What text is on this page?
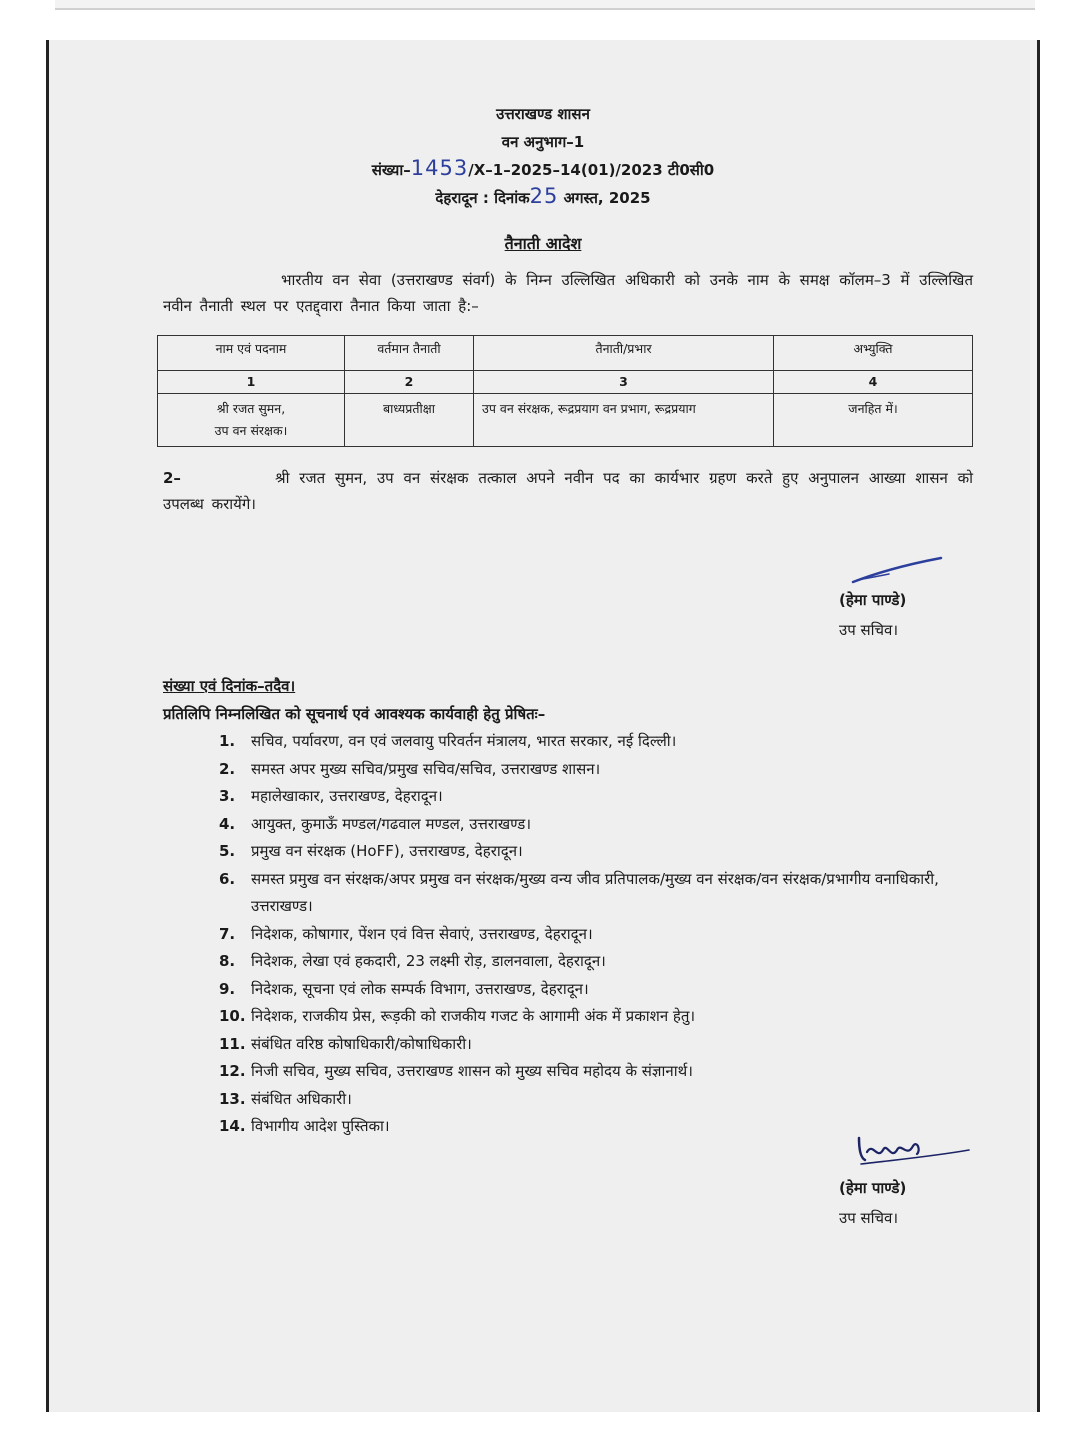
उत्तराखण्ड शासन
वन अनुभाग–1
संख्या–1453/X–1–2025–14(01)/2023 टी0सी0
देहरादून : दिनांक25 अगस्त, 2025
तैनाती आदेश
भारतीय वन सेवा (उत्तराखण्ड संवर्ग) के निम्न उल्लिखित अधिकारी को उनके नाम के समक्ष कॉलम–3 में उल्लिखित नवीन तैनाती स्थल पर एतद्द्वारा तैनात किया जाता है:–
नाम एवं पदनाम	वर्तमान तैनाती	तैनाती/प्रभार	अभ्युक्ति
1	2	3	4

श्री रजत सुमन,
उप वन संरक्षक।	बाध्यप्रतीक्षा	उप वन संरक्षक, रूद्रप्रयाग वन प्रभाग, रूद्रप्रयाग	जनहित में।
2–	श्री रजत सुमन, उप वन संरक्षक तत्काल अपने नवीन पद का कार्यभार ग्रहण करते हुए अनुपालन आख्या शासन को उपलब्ध करायेंगे।
(हेमा पाण्डे)
उप सचिव।
संख्या एवं दिनांक–तदैव।
प्रतिलिपि निम्नलिखित को सूचनार्थ एवं आवश्यक कार्यवाही हेतु प्रेषितः–
1.	सचिव, पर्यावरण, वन एवं जलवायु परिवर्तन मंत्रालय, भारत सरकार, नई दिल्ली।
2.	समस्त अपर मुख्य सचिव/प्रमुख सचिव/सचिव, उत्तराखण्ड शासन।
3.	महालेखाकार, उत्तराखण्ड, देहरादून।
4.	आयुक्त, कुमाऊँ मण्डल/गढवाल मण्डल, उत्तराखण्ड।
5.	प्रमुख वन संरक्षक (HoFF), उत्तराखण्ड, देहरादून।
6.	समस्त प्रमुख वन संरक्षक/अपर प्रमुख वन संरक्षक/मुख्य वन्य जीव प्रतिपालक/मुख्य वन संरक्षक/वन संरक्षक/प्रभागीय वनाधिकारी, उत्तराखण्ड।
7.	निदेशक, कोषागार, पेंशन एवं वित्त सेवाएं, उत्तराखण्ड, देहरादून।
8.	निदेशक, लेखा एवं हकदारी, 23 लक्ष्मी रोड़, डालनवाला, देहरादून।
9.	निदेशक, सूचना एवं लोक सम्पर्क विभाग, उत्तराखण्ड, देहरादून।
10. निदेशक, राजकीय प्रेस, रूड़की को राजकीय गजट के आगामी अंक में प्रकाशन हेतु।
11. संबंधित वरिष्ठ कोषाधिकारी/कोषाधिकारी।
12. निजी सचिव, मुख्य सचिव, उत्तराखण्ड शासन को मुख्य सचिव महोदय के संज्ञानार्थ।
13. संबंधित अधिकारी।
14. विभागीय आदेश पुस्तिका।
(हेमा पाण्डे)
उप सचिव।
